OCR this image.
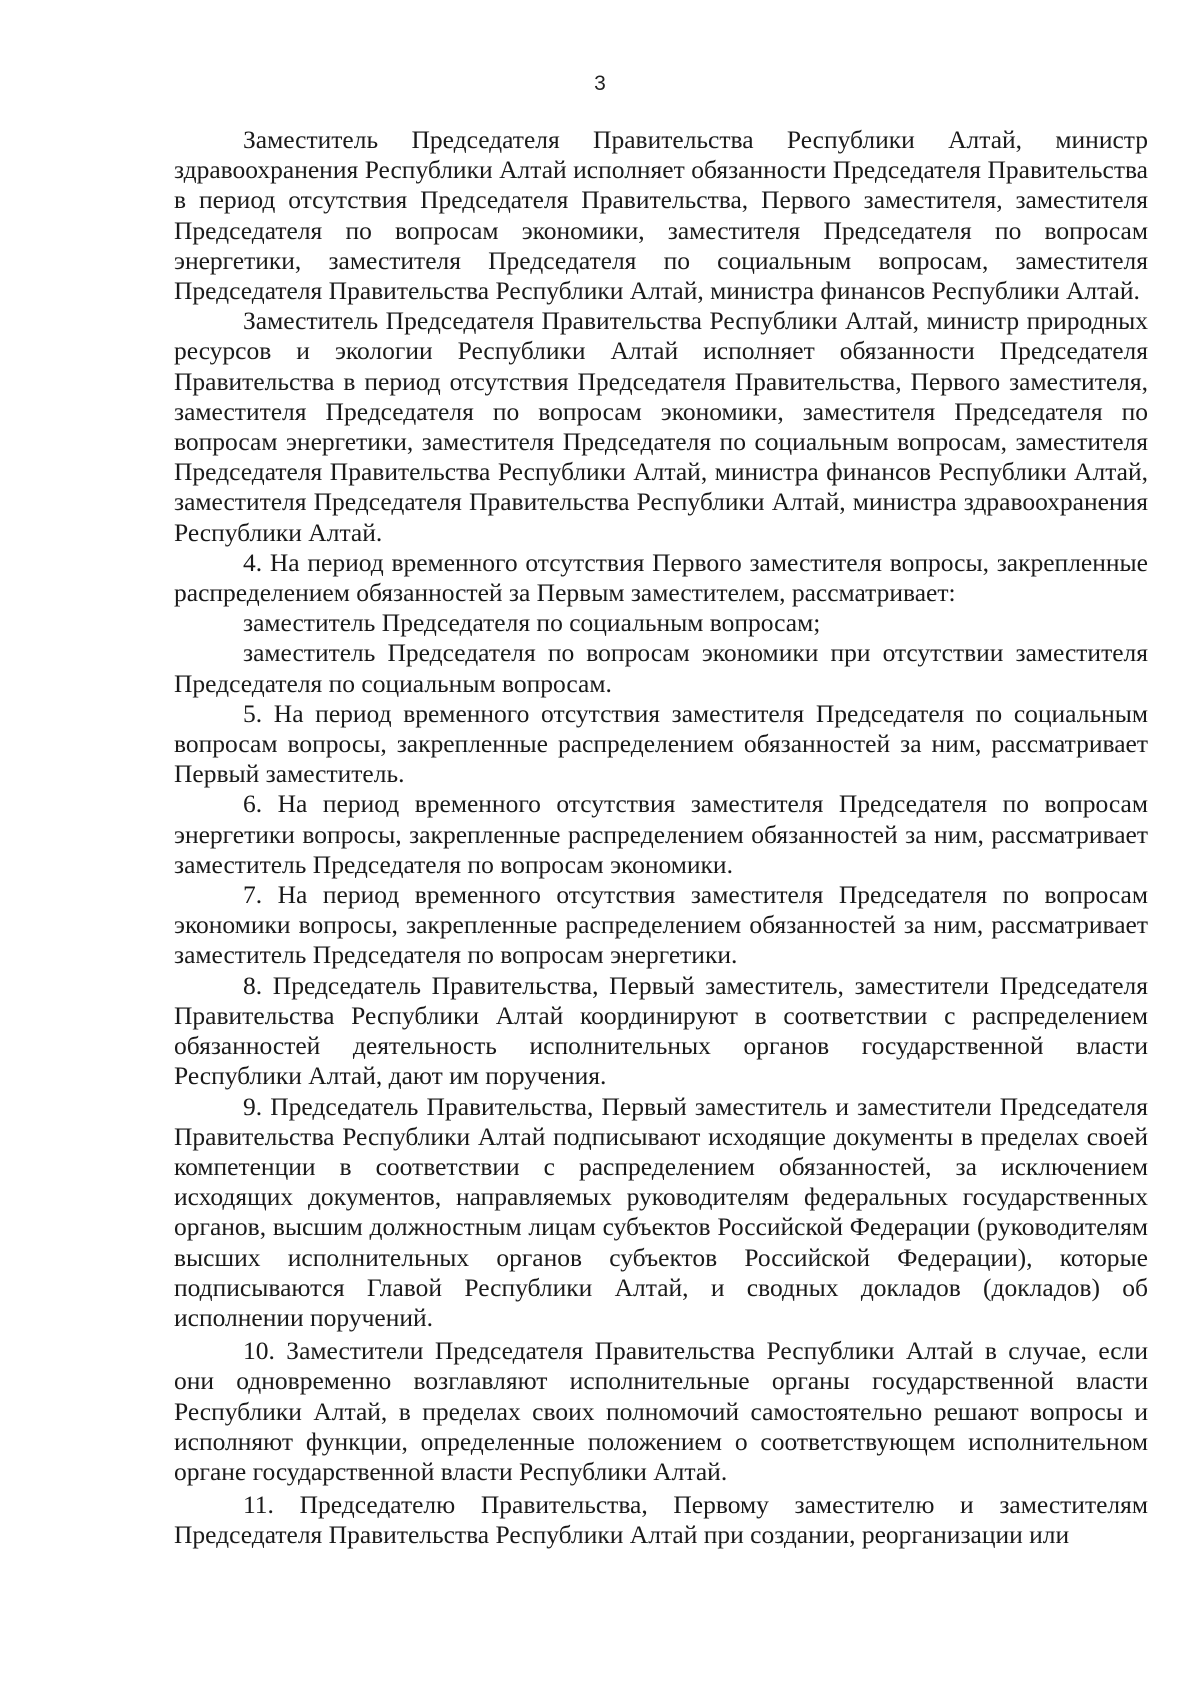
3

Заместитель Председателя Правительства Республики Алтай, министр здравоохранения Республики Алтай исполняет обязанности Председателя Правительства в период отсутствия Председателя Правительства, Первого заместителя, заместителя Председателя по вопросам экономики, заместителя Председателя по вопросам энергетики, заместителя Председателя по социальным вопросам, заместителя Председателя Правительства Республики Алтай, министра финансов Республики Алтай.

Заместитель Председателя Правительства Республики Алтай, министр природных ресурсов и экологии Республики Алтай исполняет обязанности Председателя Правительства в период отсутствия Председателя Правительства, Первого заместителя, заместителя Председателя по вопросам экономики, заместителя Председателя по вопросам энергетики, заместителя Председателя по социальным вопросам, заместителя Председателя Правительства Республики Алтай, министра финансов Республики Алтай, заместителя Председателя Правительства Республики Алтай, министра здравоохранения Республики Алтай.

4. На период временного отсутствия Первого заместителя вопросы, закрепленные распределением обязанностей за Первым заместителем, рассматривает:

заместитель Председателя по социальным вопросам;

заместитель Председателя по вопросам экономики при отсутствии заместителя Председателя по социальным вопросам.

5. На период временного отсутствия заместителя Председателя по социальным вопросам вопросы, закрепленные распределением обязанностей за ним, рассматривает Первый заместитель.

6. На период временного отсутствия заместителя Председателя по вопросам энергетики вопросы, закрепленные распределением обязанностей за ним, рассматривает заместитель Председателя по вопросам экономики.

7. На период временного отсутствия заместителя Председателя по вопросам экономики вопросы, закрепленные распределением обязанностей за ним, рассматривает заместитель Председателя по вопросам энергетики.

8. Председатель Правительства, Первый заместитель, заместители Председателя Правительства Республики Алтай координируют в соответствии с распределением обязанностей деятельность исполнительных органов государственной власти Республики Алтай, дают им поручения.

9. Председатель Правительства, Первый заместитель и заместители Председателя Правительства Республики Алтай подписывают исходящие документы в пределах своей компетенции в соответствии с распределением обязанностей, за исключением исходящих документов, направляемых руководителям федеральных государственных органов, высшим должностным лицам субъектов Российской Федерации (руководителям высших исполнительных органов субъектов Российской Федерации), которые подписываются Главой Республики Алтай, и сводных докладов (докладов) об исполнении поручений.

10. Заместители Председателя Правительства Республики Алтай в случае, если они одновременно возглавляют исполнительные органы государственной власти Республики Алтай, в пределах своих полномочий самостоятельно решают вопросы и исполняют функции, определенные положением о соответствующем исполнительном органе государственной власти Республики Алтай.

11. Председателю Правительства, Первому заместителю и заместителям Председателя Правительства Республики Алтай при создании, реорганизации или
